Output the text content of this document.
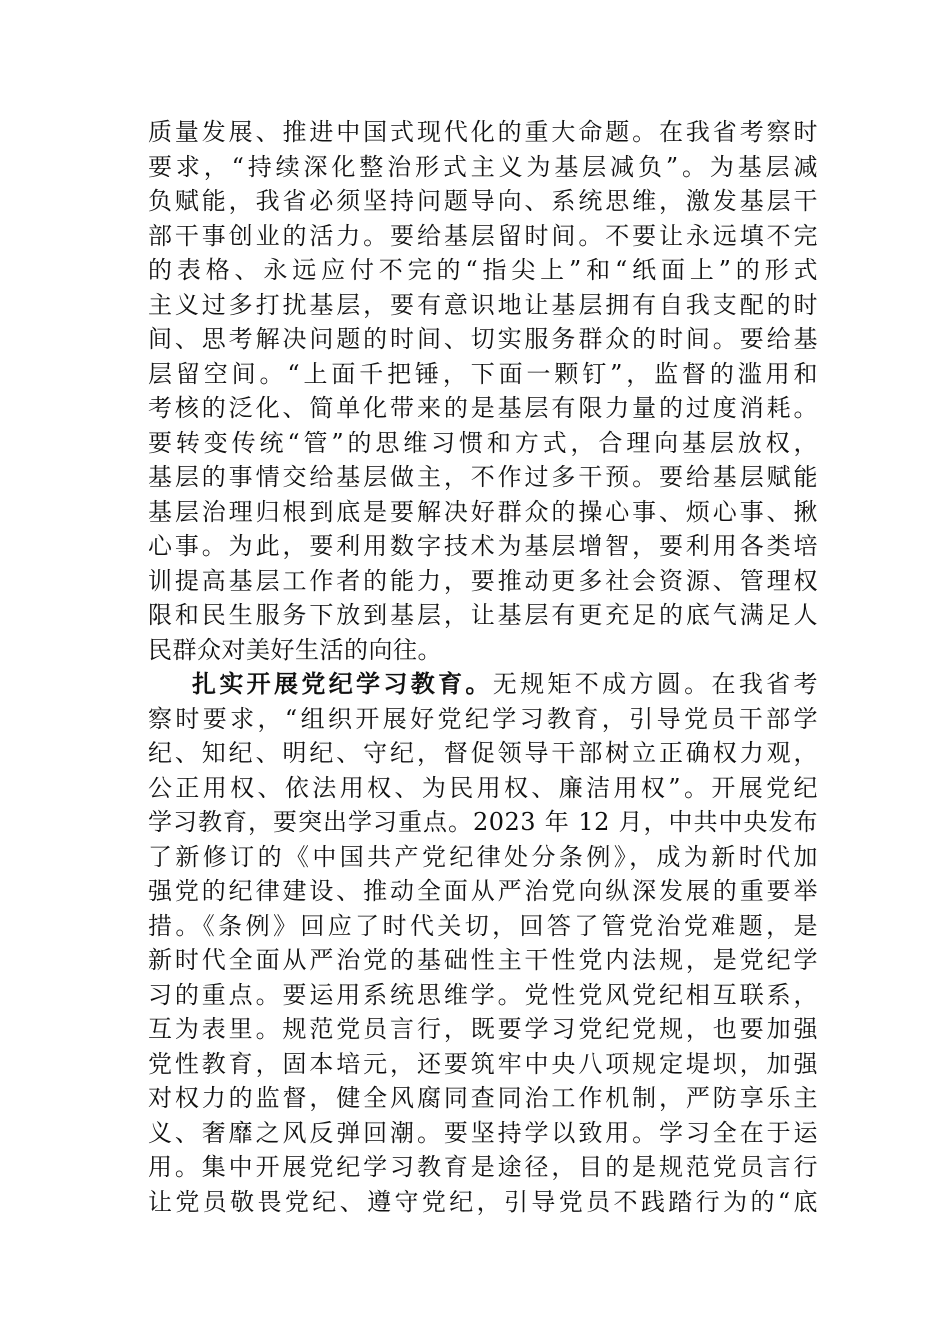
质量发展、推进中国式现代化的重大命题。在我省考察时
要求，“持续深化整治形式主义为基层减负”。为基层减
负赋能，我省必须坚持问题导向、系统思维，激发基层干
部干事创业的活力。要给基层留时间。不要让永远填不完
的表格、永远应付不完的“指尖上”和“纸面上”的形式
主义过多打扰基层，要有意识地让基层拥有自我支配的时
间、思考解决问题的时间、切实服务群众的时间。要给基
层留空间。“上面千把锤，下面一颗钉”，监督的滥用和
考核的泛化、简单化带来的是基层有限力量的过度消耗。
要转变传统“管”的思维习惯和方式，合理向基层放权，
基层的事情交给基层做主，不作过多干预。要给基层赋能
基层治理归根到底是要解决好群众的操心事、烦心事、揪
心事。为此，要利用数字技术为基层增智，要利用各类培
训提高基层工作者的能力，要推动更多社会资源、管理权
限和民生服务下放到基层，让基层有更充足的底气满足人
民群众对美好生活的向往。
扎实开展党纪学习教育。无规矩不成方圆。在我省考
察时要求，“组织开展好党纪学习教育，引导党员干部学
纪、知纪、明纪、守纪，督促领导干部树立正确权力观，
公正用权、依法用权、为民用权、廉洁用权”。开展党纪
学习教育，要突出学习重点。2023 年 12 月，中共中央发布
了新修订的《中国共产党纪律处分条例》，成为新时代加
强党的纪律建设、推动全面从严治党向纵深发展的重要举
措。《条例》回应了时代关切，回答了管党治党难题，是
新时代全面从严治党的基础性主干性党内法规，是党纪学
习的重点。要运用系统思维学。党性党风党纪相互联系，
互为表里。规范党员言行，既要学习党纪党规，也要加强
党性教育，固本培元，还要筑牢中央八项规定堤坝，加强
对权力的监督，健全风腐同查同治工作机制，严防享乐主
义、奢靡之风反弹回潮。要坚持学以致用。学习全在于运
用。集中开展党纪学习教育是途径，目的是规范党员言行
让党员敬畏党纪、遵守党纪，引导党员不践踏行为的“底
